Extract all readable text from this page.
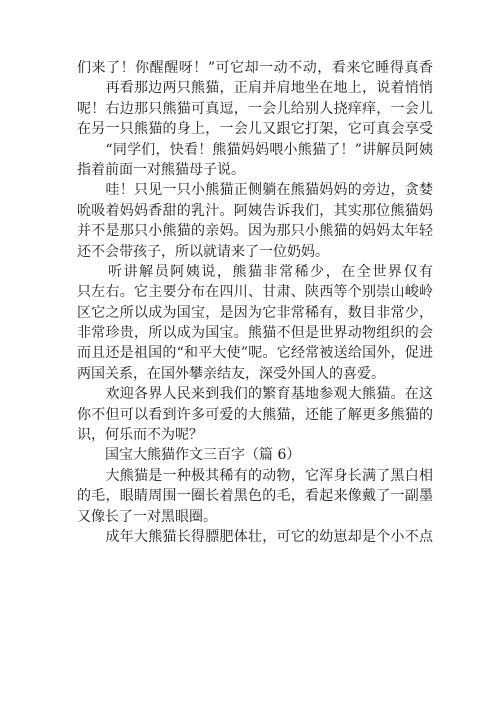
们来了！你醒醒呀！”可它却一动不动，看来它睡得真香

　　再看那边两只熊猫，正肩并肩地坐在地上，说着悄悄

呢！右边那只熊猫可真逗，一会儿给别人挠痒痒，一会儿

在另一只熊猫的身上，一会儿又跟它打架，它可真会享受

　　“同学们，快看！熊猫妈妈喂小熊猫了！”讲解员阿姨

指着前面一对熊猫母子说。

　　哇！只见一只小熊猫正侧躺在熊猫妈妈的旁边，贪婪

吮吸着妈妈香甜的乳汁。阿姨告诉我们，其实那位熊猫妈

并不是那只小熊猫的亲妈。因为那只小熊猫的妈妈太年轻

还不会带孩子，所以就请来了一位奶妈。

　　听讲解员阿姨说，熊猫非常稀少，在全世界仅有

只左右。它主要分布在四川、甘肃、陕西等个别崇山峻岭

区它之所以成为国宝，是因为它非常稀有，数目非常少，

非常珍贵，所以成为国宝。熊猫不但是世界动物组织的会

而且还是祖国的“和平大使”呢。它经常被送给国外，促进

两国关系，在国外攀亲结友，深受外国人的喜爱。

　　欢迎各界人民来到我们的繁育基地参观大熊猫。在这

你不但可以看到许多可爱的大熊猫，还能了解更多熊猫的

识，何乐而不为呢？

　　国宝大熊猫作文三百字（篇 6）

　　大熊猫是一种极其稀有的动物，它浑身长满了黑白相

的毛，眼睛周围一圈长着黑色的毛，看起来像戴了一副墨

又像长了一对黑眼圈。

　　成年大熊猫长得膘肥体壮，可它的幼崽却是个小不点
